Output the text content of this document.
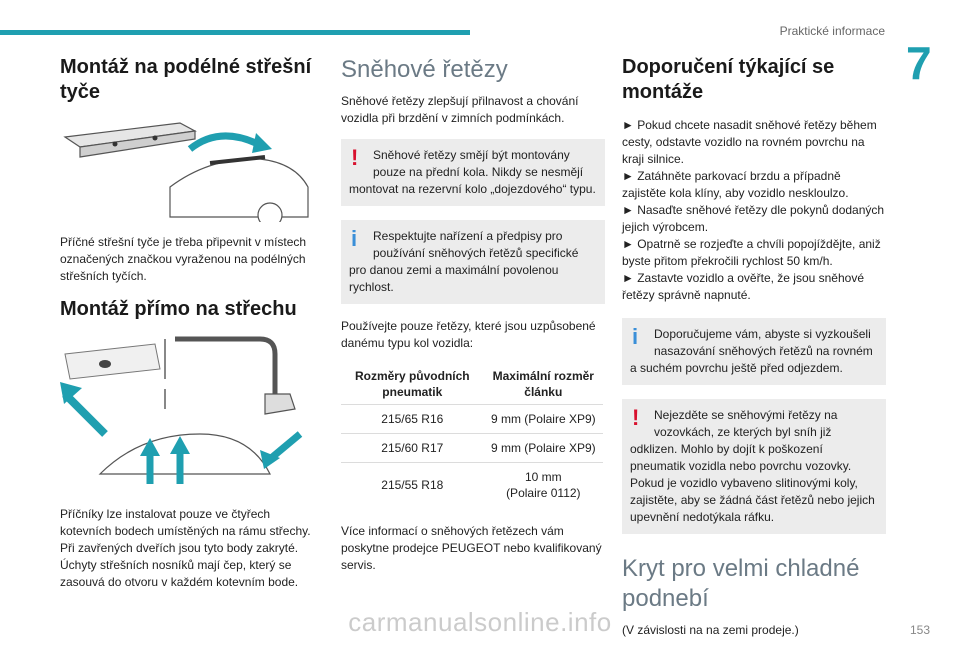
Praktické informace
7
Montáž na podélné střešní tyče

Příčné střešní tyče je třeba připevnit v místech označených značkou vyraženou na podélných střešních tyčích.

Montáž přímo na střechu

Příčníky lze instalovat pouze ve čtyřech kotevních bodech umístěných na rámu střechy. Při zavřených dveřích jsou tyto body zakryté. Úchyty střešních nosníků mají čep, který se zasouvá do otvoru v každém kotevním bode.

Sněhové řetězy

Sněhové řetězy zlepšují přilnavost a chování vozidla při brzdění v zimních podmínkách.

!	Sněhové řetězy smějí být montovány pouze na přední kola. Nikdy se nesmějí
montovat na rezervní kolo „dojezdového“ typu.
i	Respektujte nařízení a předpisy pro používání sněhových řetězů specifické
pro danou zemi a maximální povolenou rychlost.

Používejte pouze řetězy, které jsou uzpůsobené danému typu kol vozidla:

Rozměry původních pneumatik	Maximální rozměr článku
215/65 R16	9 mm (Polaire XP9)
215/60 R17	9 mm (Polaire XP9)
215/55 R18	10 mm
(Polaire 0112)

Více informací o sněhových řetězech vám poskytne prodejce PEUGEOT nebo kvalifikovaný servis.

Doporučení týkající se montáže

► Pokud chcete nasadit sněhové řetězy během cesty, odstavte vozidlo na rovném povrchu na kraji silnice.

► Zatáhněte parkovací brzdu a případně zajistěte kola klíny, aby vozidlo neskloulzo.

► Nasaďte sněhové řetězy dle pokynů dodaných jejich výrobcem.

► Opatrně se rozjeďte a chvíli popojíždějte, aniž byste přitom překročili rychlost 50 km/h.

► Zastavte vozidlo a ověřte, že jsou sněhové řetězy správně napnuté.

i	Doporučujeme vám, abyste si vyzkoušeli nasazování sněhových řetězů na rovném
a suchém povrchu ještě před odjezdem.
!	Nejezděte se sněhovými řetězy na vozovkách, ze kterých byl sníh již
odklizen. Mohlo by dojít k poškození pneumatik vozidla nebo povrchu vozovky. Pokud je vozidlo vybaveno slitinovými koly, zajistěte, aby se žádná část řetězů nebo jejich upevnění nedotýkala ráfku.
Kryt pro velmi chladné podnebí

(V závislosti na na zemi prodeje.)

carmanualsonline.info	153
